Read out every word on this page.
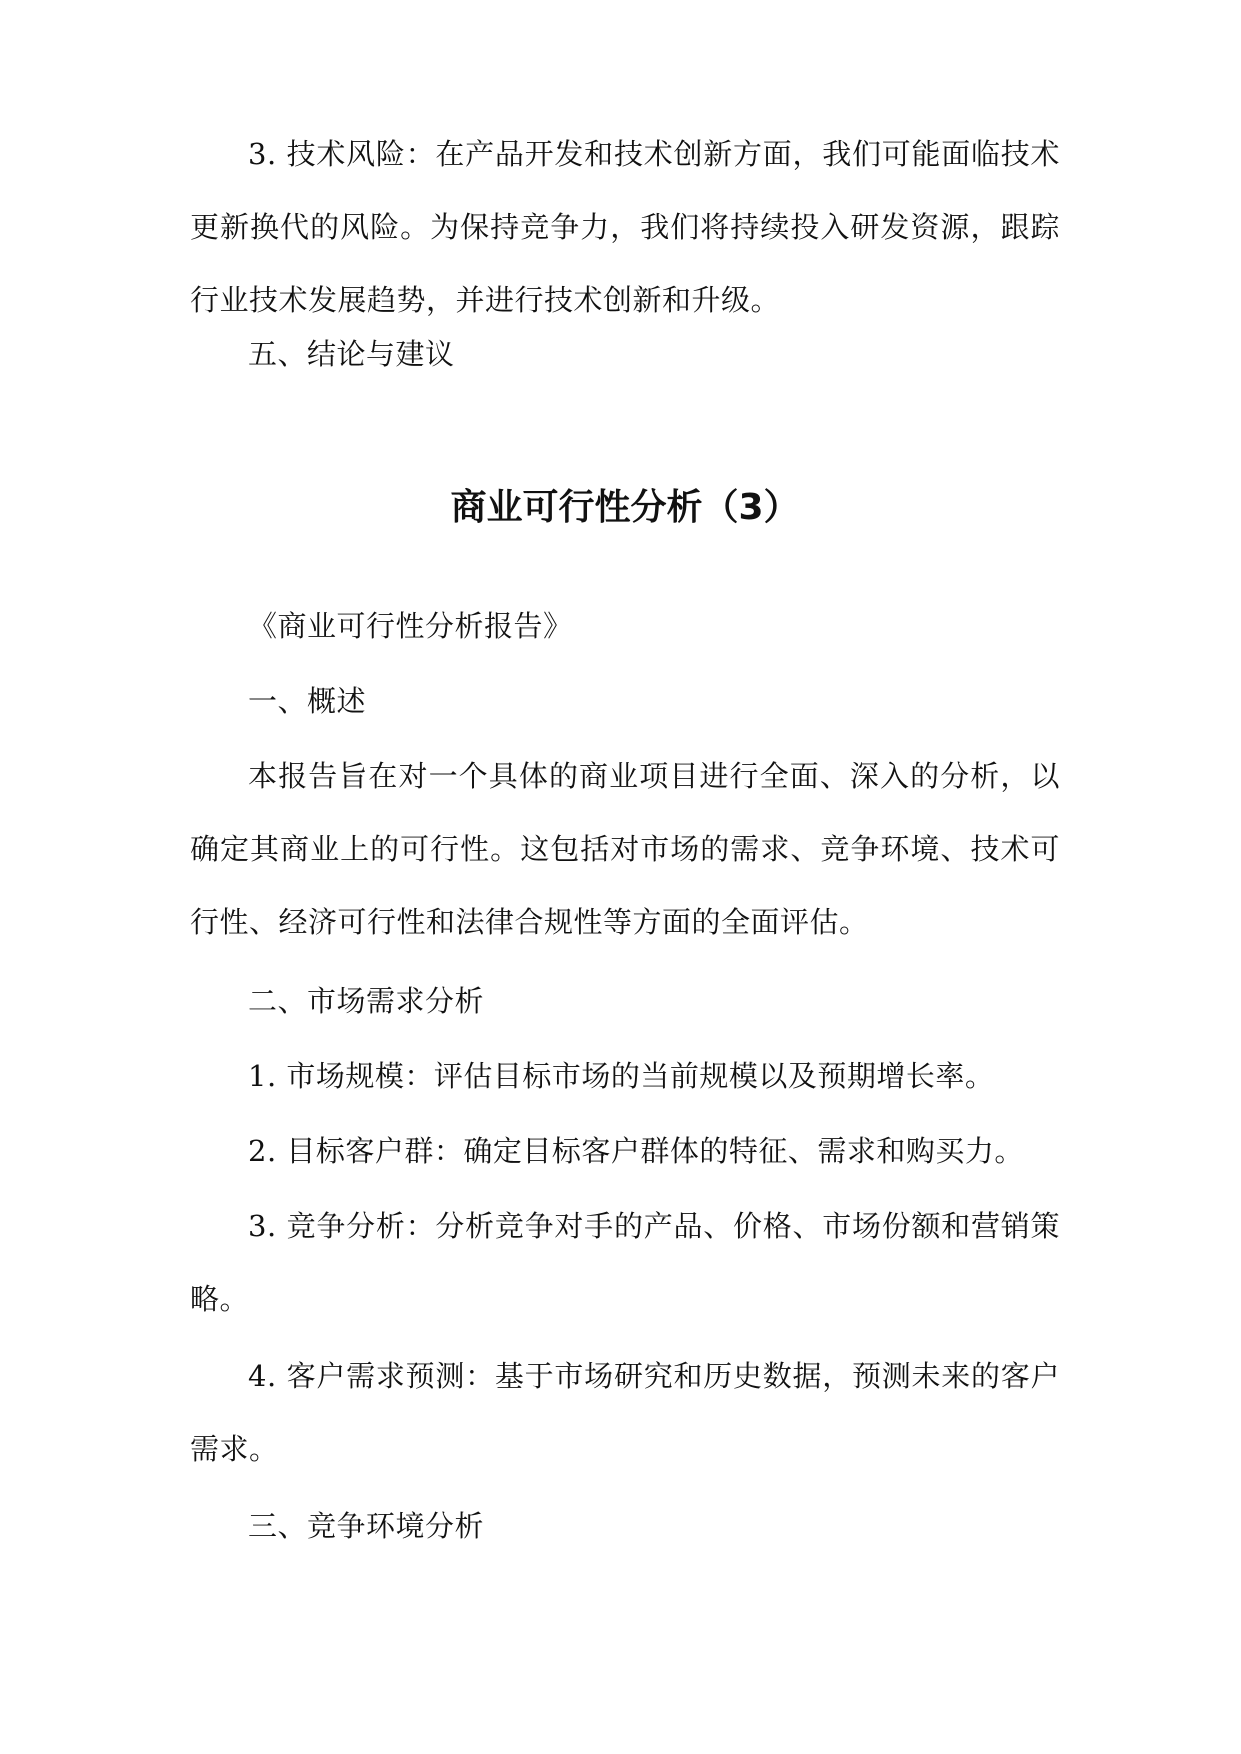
3. 技术风险：在产品开发和技术创新方面，我们可能面临技术更新换代的风险。为保持竞争力，我们将持续投入研发资源，跟踪行业技术发展趋势，并进行技术创新和升级。

五、结论与建议

商业可行性分析（3）

《商业可行性分析报告》

一、概述

本报告旨在对一个具体的商业项目进行全面、深入的分析，以确定其商业上的可行性。这包括对市场的需求、竞争环境、技术可行性、经济可行性和法律合规性等方面的全面评估。

二、市场需求分析

1. 市场规模：评估目标市场的当前规模以及预期增长率。

2. 目标客户群：确定目标客户群体的特征、需求和购买力。

3. 竞争分析：分析竞争对手的产品、价格、市场份额和营销策略。

4. 客户需求预测：基于市场研究和历史数据，预测未来的客户需求。

三、竞争环境分析
